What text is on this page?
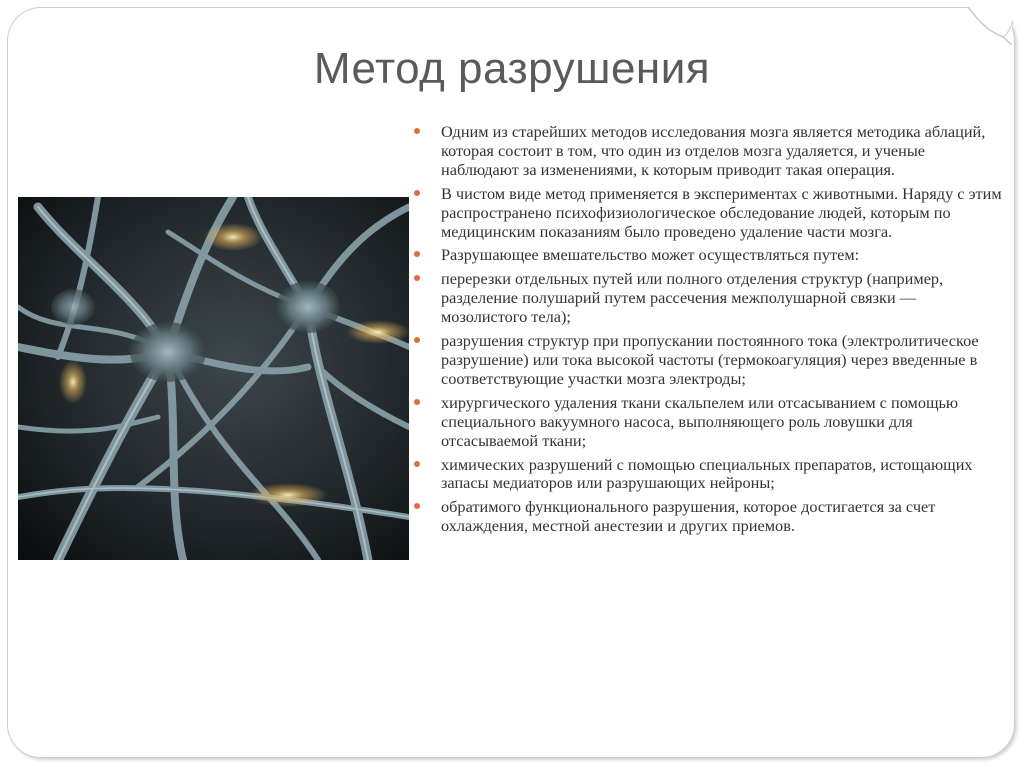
Метод разрушения
Одним из старейших методов исследования мозга является методика аблаций, которая состоит в том, что один из отделов мозга удаляется, и ученые наблюдают за изменениями, к которым приводит такая операция.
В чистом виде метод применяется в экспериментах с животными. Наряду с этим распространено психофизиологическое обследование людей, которым по медицинским показаниям было проведено удаление части мозга.
Разрушающее вмешательство может осуществляться путем:
перерезки отдельных путей или полного отделения структур (например, разделение полушарий путем рассечения межполушарной связки — мозолистого тела);
разрушения структур при пропускании постоянного тока (электролитическое разрушение) или тока высокой частоты (термокоагуляция) через введенные в соответствующие участки мозга электроды;
хирургического удаления ткани скальпелем или отсасыванием с помощью специального вакуумного насоса, выполняющего роль ловушки для отсасываемой ткани;
химических разрушений с помощью специальных препаратов, истощающих запасы медиаторов или разрушающих нейроны;
обратимого функционального разрушения, которое достигается за счет охлаждения, местной анестезии и других приемов.
